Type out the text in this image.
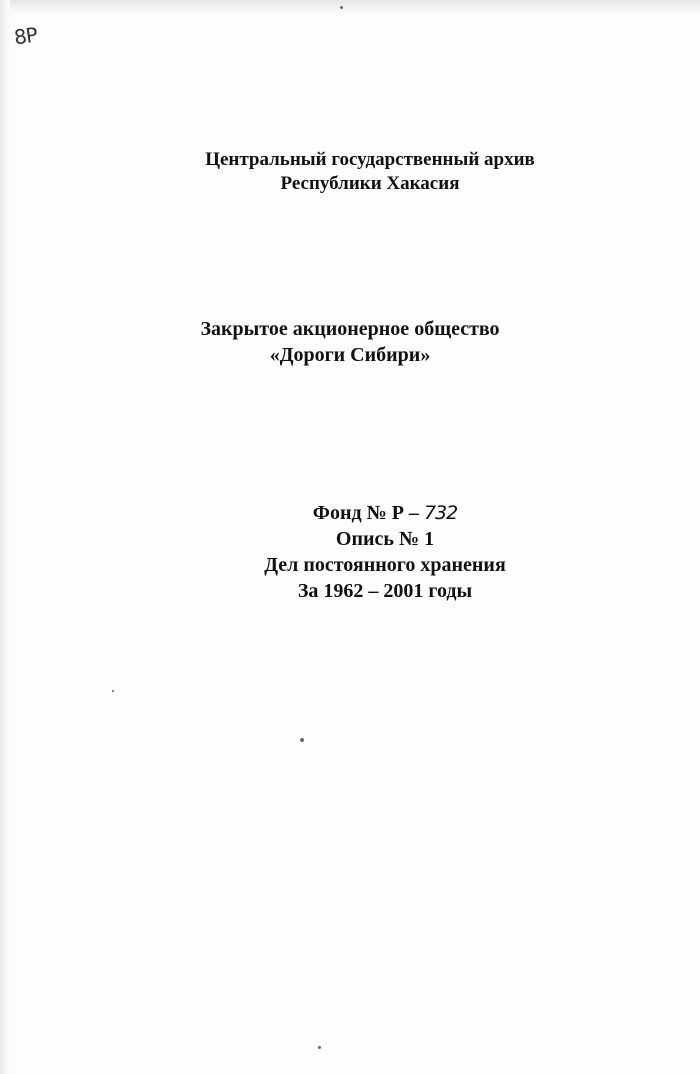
8P
Центральный государственный архив
Республики Хакасия
Закрытое акционерное общество
«Дороги Сибири»
Фонд № Р – 732
Опись № 1
Дел постоянного хранения
За 1962 – 2001 годы
